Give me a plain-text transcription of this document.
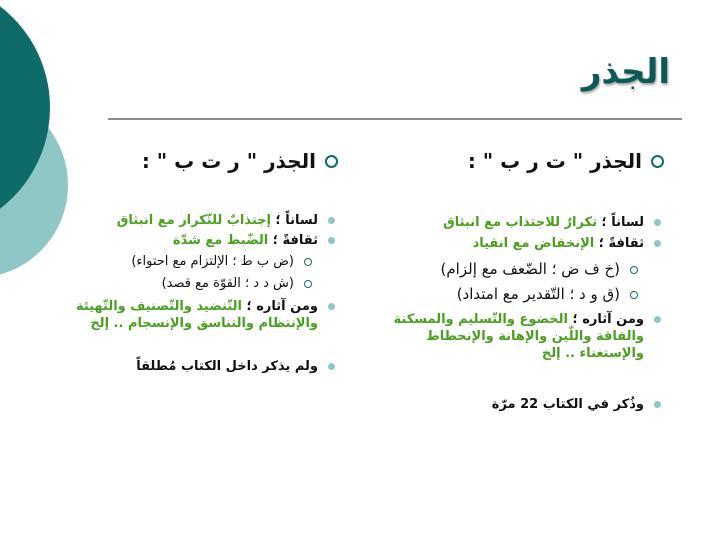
الجذر
الجذر " ت ر ب " :
لساناً ؛ تكرارٌ للاجتذاب مع انبثاق
ثقافةً ؛ الإنخفاض مع انقياد
(خ ف ض ؛ الضّعف مع إلزام)
(ق و د ؛ التّقدير مع امتداد)
ومن آثاره ؛ الخضوع والتّسليم والمسكنة والفاقة واللّين والإهانة والإنحطاط والإستغناء .. إلخ
وذُكر في الكتاب 22 مرّة
الجذر " ر ت ب " :
لساناً ؛ إجتذابٌ للتّكرار مع انبثاق
ثقافةً ؛ الضّبط مع شدّة
(ض ب ط ؛ الإلتزام مع احتواء)
(ش د د ؛ القوّة مع قصد)
ومن آثاره ؛ التّنضيد والتّصنيف والتّهيئة والإنتظام والتناسق والإنسجام .. إلخ
ولم يذكر داخل الكتاب مُطلقاً
